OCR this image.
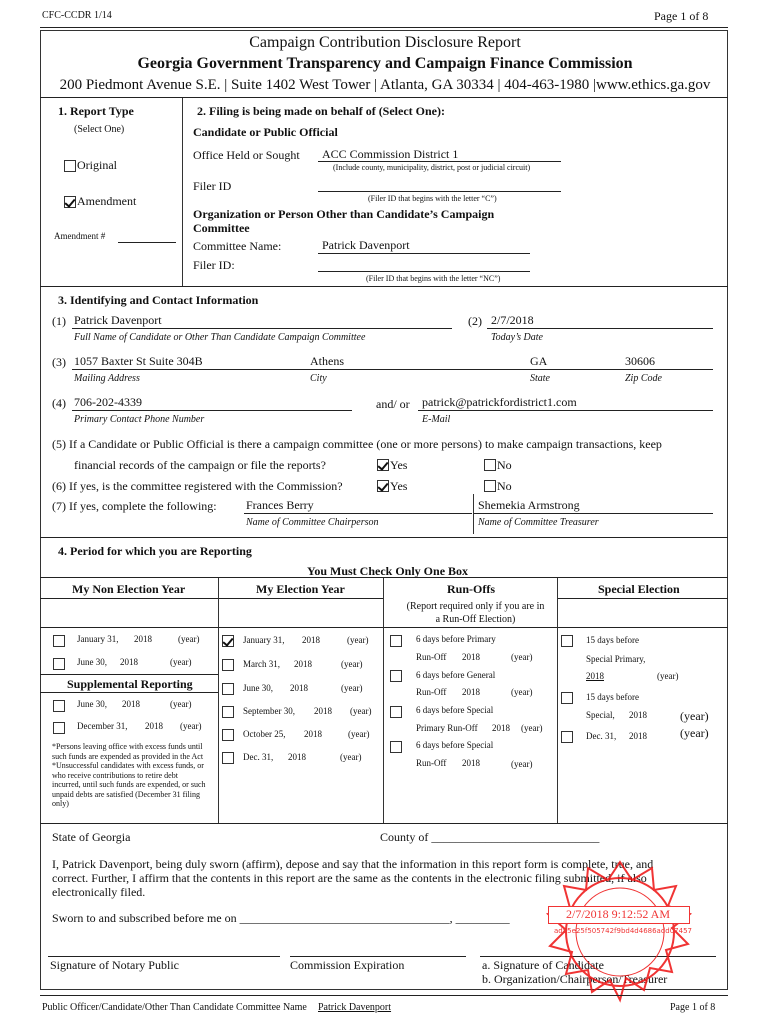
CFC-CCDR 1/14	Page 1 of 8
Campaign Contribution Disclosure Report
Georgia Government Transparency and Campaign Finance Commission
200 Piedmont Avenue S.E. | Suite 1402 West Tower | Atlanta, GA 30334 | 404-463-1980 |www.ethics.ga.gov
1. Report Type
(Select One)
Original
Amendment
Amendment #
2. Filing is being made on behalf of (Select One):
Candidate or Public Official
Office Held or Sought ACC Commission District 1
(Include county, municipality, district, post or judicial circuit)
Filer ID
(Filer ID that begins with the letter “C”)
Organization or Person Other than Candidate’s Campaign
Committee
Committee Name:	Patrick Davenport
Filer ID:
(Filer ID that begins with the letter “NC”)
3. Identifying and Contact Information
(1) Patrick Davenport
Full Name of Candidate or Other Than Candidate Campaign Committee
(2) 2/7/2018
Today’s Date
(3) 1057 Baxter St Suite 304B	Athens	GA	30606
Mailing Address	City	State	Zip Code
(4) 706-202-4339
Primary Contact Phone Number
and/ or patrick@patrickfordistrict1.com
E-Mail
(5) If a Candidate or Public Official is there a campaign committee (one or more persons) to make campaign transactions, keep
financial records of the campaign or file the reports?	Yes	No
(6) If yes, is the committee registered with the Commission?	Yes	No
(7) If yes, complete the following: Frances Berry
Name of Committee Chairperson
Shemekia Armstrong
Name of Committee Treasurer
4. Period for which you are Reporting
You Must Check Only One Box
My Non Election Year	My Election Year	Run-Offs
(Report required only if you are in
a Run-Off Election)
Special Election
January 31, 2018	(year)
June 30, 2018	(year)
Supplemental Reporting
June 30, 2018	(year)
December 31, 2018 (year)
*Persons leaving office with excess funds until
such funds are expended as provided in the Act
*Unsuccessful candidates with excess funds, or
who receive contributions to retire debt
incurred, until such funds are expended, or such
unpaid debts are satisfied (December 31 filing
only)
January 31, 2018	(year)
March 31, 2018	(year)
June 30, 2018	(year)
September 30, 2018 (year)
October 25, 2018	(year)
Dec. 31, 2018	(year)
6 days before Primary
Run-Off 2018	(year)
6 days before General
Run-Off 2018	(year)
6 days before Special
Primary Run-Off 2018 (year)
6 days before Special
Run-Off 2018	(year)
15 days before
Special Primary,
2018	(year)
15 days before
Special, 2018	(year)
Dec. 31, 2018	(year)
State of Georgia	County of ____________________________
I, Patrick Davenport, being duly sworn (affirm), depose and say that the information in this report form is complete, true, and
correct. Further, I affirm that the contents in this report are the same as the contents in the electronic filing submitted, if also
electronically filed.
Sworn to and subscribed before me on ___________________________________, _________
Signature of Notary Public	Commission Expiration	a. Signature of Candidate
b. Organization/Chairperson/Treasurer
2/7/2018 9:12:52 AM
ad85e25f505742f9bd4d4686add07457
Public Officer/Candidate/Other Than Candidate Committee Name Patrick Davenport	Page 1 of 8
